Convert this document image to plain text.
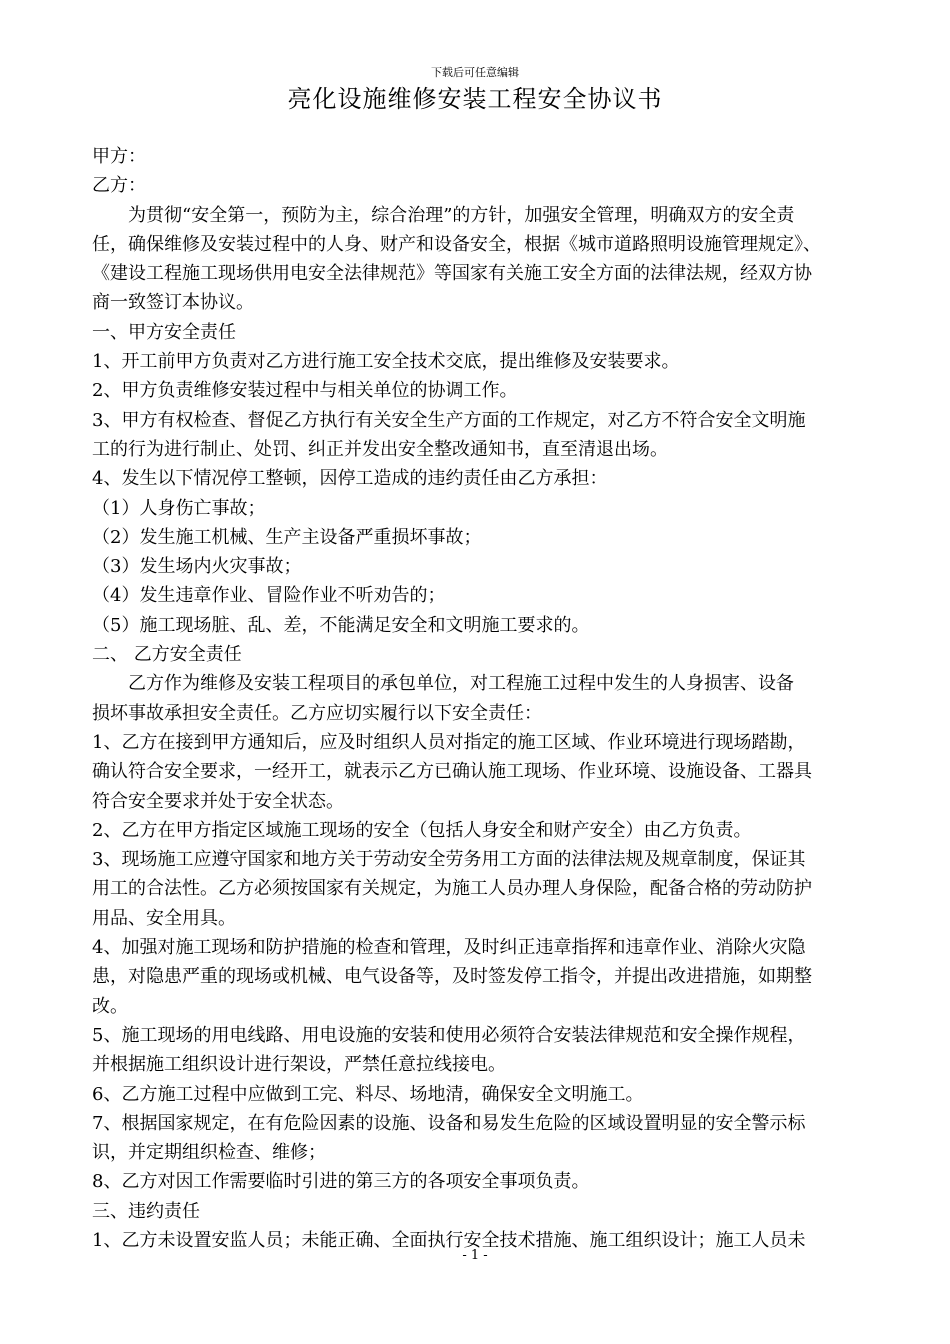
下载后可任意编辑
亮化设施维修安装工程安全协议书
甲方：
乙方：
为贯彻“安全第一，预防为主，综合治理”的方针，加强安全管理，明确双方的安全责
任，确保维修及安装过程中的人身、财产和设备安全，根据《城市道路照明设施管理规定》、
《建设工程施工现场供用电安全法律规范》等国家有关施工安全方面的法律法规，经双方协
商一致签订本协议。
一、甲方安全责任
1、开工前甲方负责对乙方进行施工安全技术交底，提出维修及安装要求。
2、甲方负责维修安装过程中与相关单位的协调工作。
3、甲方有权检查、督促乙方执行有关安全生产方面的工作规定，对乙方不符合安全文明施
工的行为进行制止、处罚、纠正并发出安全整改通知书，直至清退出场。
4、发生以下情况停工整顿，因停工造成的违约责任由乙方承担：
（1）人身伤亡事故；
（2）发生施工机械、生产主设备严重损坏事故；
（3）发生场内火灾事故；
（4）发生违章作业、冒险作业不听劝告的；
（5）施工现场脏、乱、差，不能满足安全和文明施工要求的。
二、 乙方安全责任
乙方作为维修及安装工程项目的承包单位，对工程施工过程中发生的人身损害、设备
损坏事故承担安全责任。乙方应切实履行以下安全责任：
1、乙方在接到甲方通知后，应及时组织人员对指定的施工区域、作业环境进行现场踏勘，
确认符合安全要求，一经开工，就表示乙方已确认施工现场、作业环境、设施设备、工器具
符合安全要求并处于安全状态。
2、乙方在甲方指定区域施工现场的安全（包括人身安全和财产安全）由乙方负责。
3、现场施工应遵守国家和地方关于劳动安全劳务用工方面的法律法规及规章制度，保证其
用工的合法性。乙方必须按国家有关规定，为施工人员办理人身保险，配备合格的劳动防护
用品、安全用具。
4、加强对施工现场和防护措施的检查和管理，及时纠正违章指挥和违章作业、消除火灾隐
患，对隐患严重的现场或机械、电气设备等，及时签发停工指令，并提出改进措施，如期整
改。
5、施工现场的用电线路、用电设施的安装和使用必须符合安装法律规范和安全操作规程，
并根据施工组织设计进行架设，严禁任意拉线接电。
6、乙方施工过程中应做到工完、料尽、场地清，确保安全文明施工。
7、根据国家规定，在有危险因素的设施、设备和易发生危险的区域设置明显的安全警示标
识，并定期组织检查、维修；
8、乙方对因工作需要临时引进的第三方的各项安全事项负责。
三、违约责任
1、乙方未设置安监人员；未能正确、全面执行安全技术措施、施工组织设计；施工人员未
- 1 -
